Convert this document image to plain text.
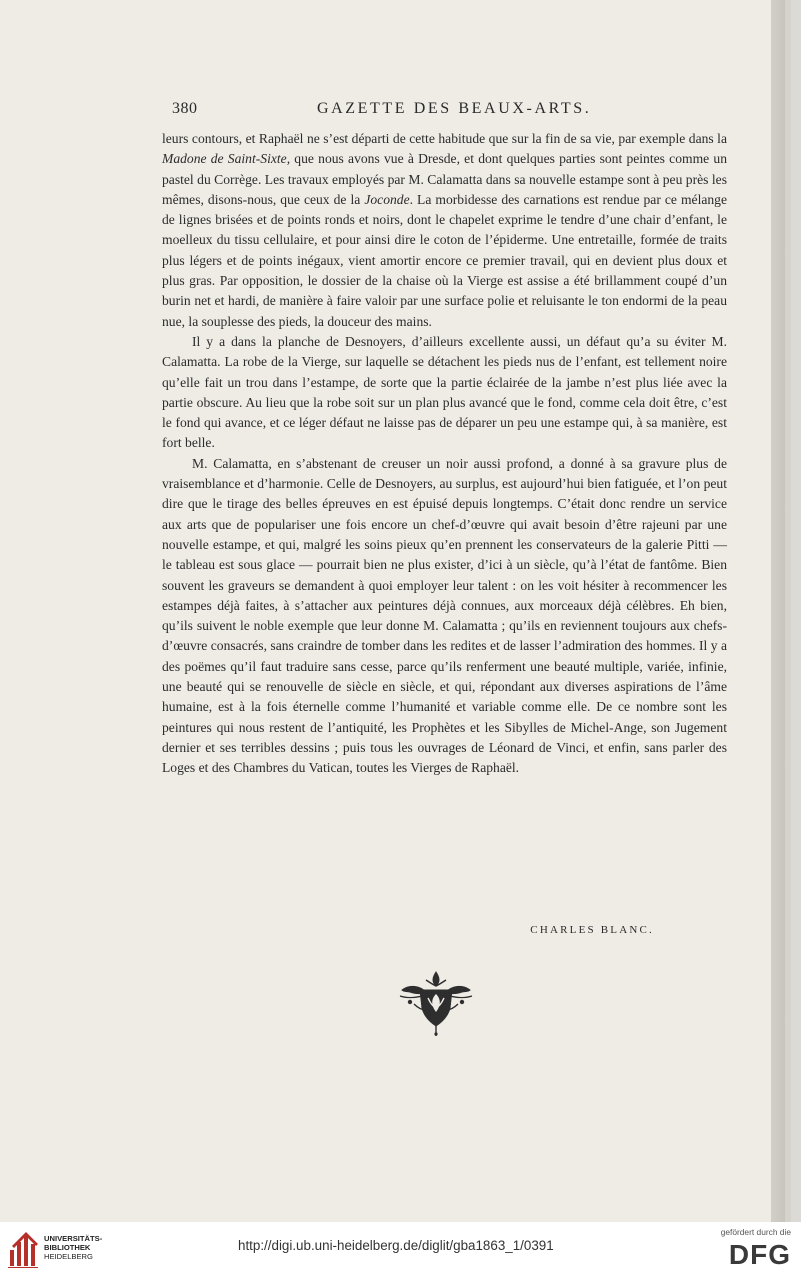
380	GAZETTE DES BEAUX-ARTS.

leurs contours, et Raphaël ne s’est départi de cette habitude que sur la fin de sa vie, par exemple dans la Madone de Saint-Sixte, que nous avons vue à Dresde, et dont quelques parties sont peintes comme un pastel du Corrège. Les travaux employés par M. Calamatta dans sa nouvelle estampe sont à peu près les mêmes, disons-nous, que ceux de la Joconde. La morbidesse des carnations est rendue par ce mélange de lignes brisées et de points ronds et noirs, dont le chapelet exprime le tendre d’une chair d’enfant, le moelleux du tissu cellulaire, et pour ainsi dire le coton de l’épiderme. Une entretaille, formée de traits plus légers et de points inégaux, vient amortir encore ce premier travail, qui en devient plus doux et plus gras. Par opposition, le dossier de la chaise où la Vierge est assise a été brillamment coupé d’un burin net et hardi, de manière à faire valoir par une surface polie et reluisante le ton endormi de la peau nue, la souplesse des pieds, la douceur des mains.

Il y a dans la planche de Desnoyers, d’ailleurs excellente aussi, un défaut qu’a su éviter M. Calamatta. La robe de la Vierge, sur laquelle se détachent les pieds nus de l’enfant, est tellement noire qu’elle fait un trou dans l’estampe, de sorte que la partie éclairée de la jambe n’est plus liée avec la partie obscure. Au lieu que la robe soit sur un plan plus avancé que le fond, comme cela doit être, c’est le fond qui avance, et ce léger défaut ne laisse pas de déparer un peu une estampe qui, à sa manière, est fort belle.

M. Calamatta, en s’abstenant de creuser un noir aussi profond, a donné à sa gravure plus de vraisemblance et d’harmonie. Celle de Desnoyers, au surplus, est aujourd’hui bien fatiguée, et l’on peut dire que le tirage des belles épreuves en est épuisé depuis longtemps. C’était donc rendre un service aux arts que de populariser une fois encore un chef-d’œuvre qui avait besoin d’être rajeuni par une nouvelle estampe, et qui, malgré les soins pieux qu’en prennent les conservateurs de la galerie Pitti — le tableau est sous glace — pourrait bien ne plus exister, d’ici à un siècle, qu’à l’état de fantôme. Bien souvent les graveurs se demandent à quoi employer leur talent : on les voit hésiter à recommencer les estampes déjà faites, à s’attacher aux peintures déjà connues, aux morceaux déjà célèbres. Eh bien, qu’ils suivent le noble exemple que leur donne M. Calamatta ; qu’ils en reviennent toujours aux chefs-d’œuvre consacrés, sans craindre de tomber dans les redites et de lasser l’admiration des hommes. Il y a des poëmes qu’il faut traduire sans cesse, parce qu’ils renferment une beauté multiple, variée, infinie, une beauté qui se renouvelle de siècle en siècle, et qui, répondant aux diverses aspirations de l’âme humaine, est à la fois éternelle comme l’humanité et variable comme elle. De ce nombre sont les peintures qui nous restent de l’antiquité, les Prophètes et les Sibylles de Michel-Ange, son Jugement dernier et ses terribles dessins ; puis tous les ouvrages de Léonard de Vinci, et enfin, sans parler des Loges et des Chambres du Vatican, toutes les Vierges de Raphaël.

CHARLES BLANC.
UNIVERSITÄTS-
BIBLIOTHEK
HEIDELBERG
http://digi.ub.uni-heidelberg.de/diglit/gba1863_1/0391
gefördert durch die
DFG
